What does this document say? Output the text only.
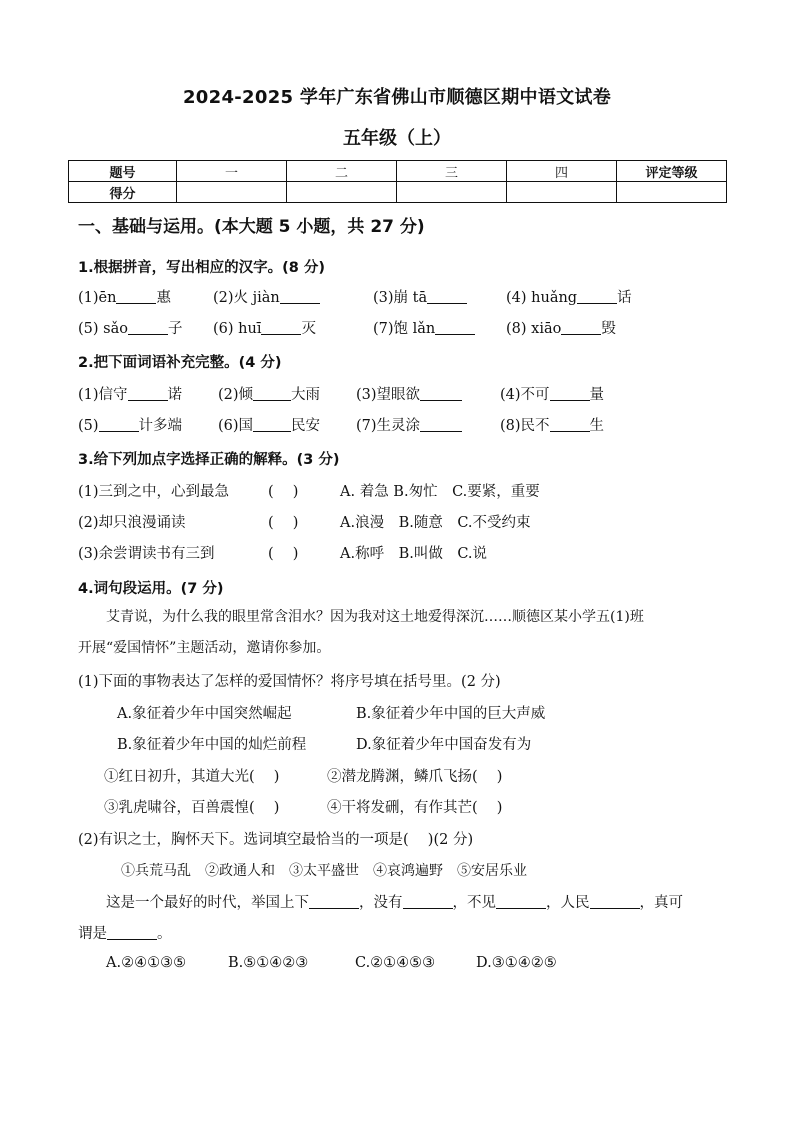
2024-2025 学年广东省佛山市顺德区期中语文试卷
五年级（上）
题号	一	二	三	四	评定等级
得分					
一、基础与运用。(本大题 5 小题，共 27 分)
1.根据拼音，写出相应的汉字。(8 分)
(1)ēn	惠	(2)火 jiàn	(3)崩 tā	(4) huǎng	话
(5) sǎo	子 (6) huī	灭	(7)饱 lǎn	(8) xiāo	毁
2.把下面词语补充完整。(4 分)
(1)信守	诺 (2)倾	大雨 (3)望眼欲	(4)不可	量
(5)	计多端 (6)国	民安 (7)生灵涂	(8)民不	生
3.给下列加点字选择正确的解释。(3 分)
(1)三到之中，心到最急	(　 )	A. 着急 B.匆忙　C.要紧，重要
(2)却只浪漫诵读	(　 )	A.浪漫　B.随意　C.不受约束
(3)余尝谓读书有三到	(　 )	A.称呼　B.叫做　C.说
4.词句段运用。(7 分)
艾青说，为什么我的眼里常含泪水？因为我对这土地爱得深沉……顺德区某小学五(1)班
开展“爱国情怀”主题活动，邀请你参加。
(1)下面的事物表达了怎样的爱国情怀？将序号填在括号里。(2 分)
A.象征着少年中国突然崛起	B.象征着少年中国的巨大声威
B.象征着少年中国的灿烂前程	D.象征着少年中国奋发有为
①红日初升，其道大光(　 )	②潜龙腾渊，鳞爪飞扬(　 )
③乳虎啸谷，百兽震惶(　 )	④干将发硎，有作其芒(　 )
(2)有识之士，胸怀天下。选词填空最恰当的一项是(　 )(2 分)
①兵荒马乱　②政通人和　③太平盛世　④哀鸿遍野　⑤安居乐业
这是一个最好的时代，举国上下	，没有	，不见	，人民	，真可
谓是	。
A.②④①③⑤	B.⑤①④②③	C.②①④⑤③	D.③①④②⑤
